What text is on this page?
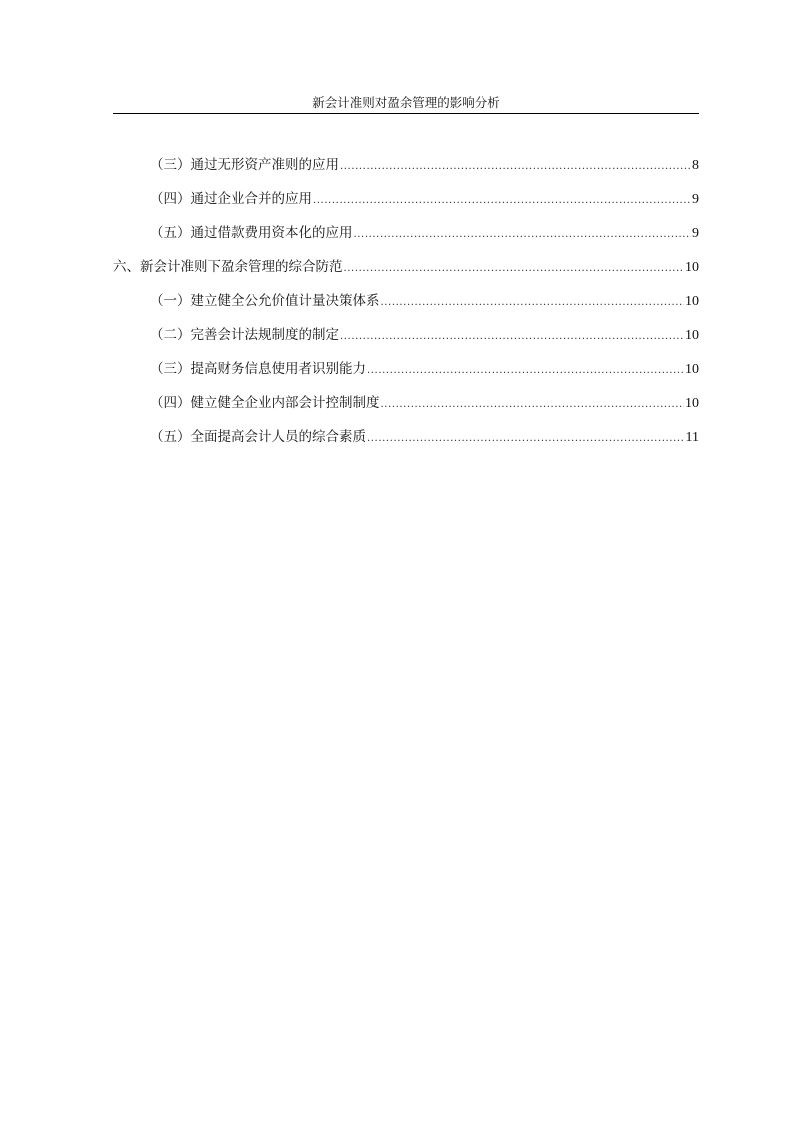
新会计准则对盈余管理的影响分析
（三）通过无形资产准则的应用 .....	8
（四）通过企业合并的应用 .....	9
（五）通过借款费用资本化的应用 .....	9
六、新会计准则下盈余管理的综合防范 .....	10
（一）建立健全公允价值计量决策体系 .....	10
（二）完善会计法规制度的制定 .....	10
（三）提高财务信息使用者识别能力 .....	10
（四）健立健全企业内部会计控制制度 .....	10
（五）全面提高会计人员的综合素质 .....	11
